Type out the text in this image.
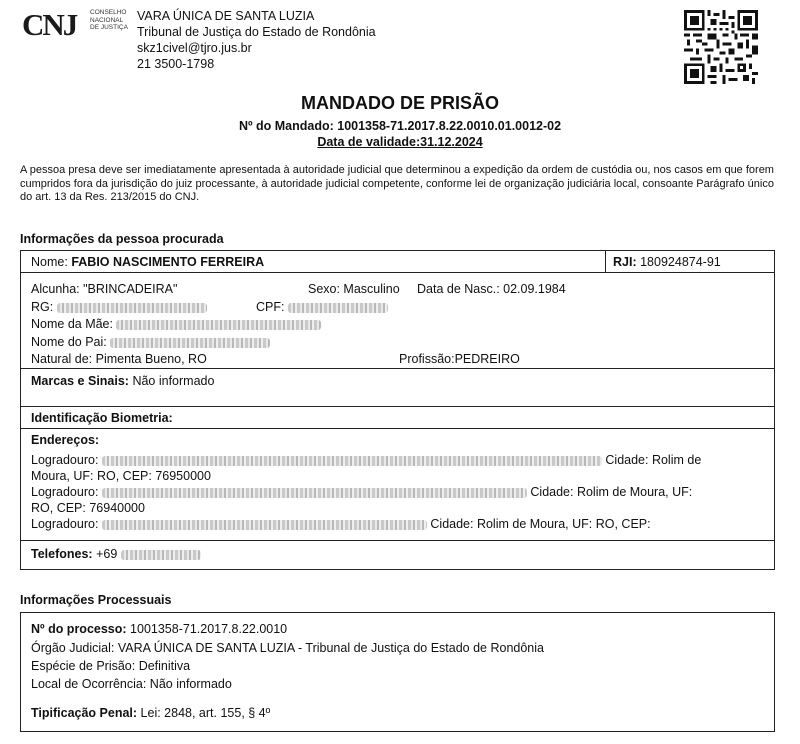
CNJ CONSELHO
NACIONAL
DE JUSTIÇA
VARA ÚNICA DE SANTA LUZIA
Tribunal de Justiça do Estado de Rondônia
skz1civel@tjro.jus.br
21 3500-1798
MANDADO DE PRISÃO
Nº do Mandado: 1001358-71.2017.8.22.0010.01.0012-02
Data de validade:31.12.2024
A pessoa presa deve ser imediatamente apresentada à autoridade judicial que determinou a expedição da ordem de custódia ou, nos casos em que forem cumpridos fora da jurisdição do juiz processante, à autoridade judicial competente, conforme lei de organização judiciária local, consoante Parágrafo único do art. 13 da Res. 213/2015 do CNJ.
Informações da pessoa procurada
Nome: FABIO NASCIMENTO FERREIRA	RJI: 180924874-91
Alcunha: "BRINCADEIRA"	Sexo: Masculino Data de Nasc.: 02.09.1984
RG:	CPF:
Nome da Mãe:
Nome do Pai:
Natural de: Pimenta Bueno, RO	Profissão:PEDREIRO
Marcas e Sinais: Não informado
Identificação Biometria:
Endereços:
Logradouro:	Cidade: Rolim de
Moura, UF: RO, CEP: 76950000
Logradouro:	Cidade: Rolim de Moura, UF:
RO, CEP: 76940000
Logradouro:	Cidade: Rolim de Moura, UF: RO, CEP:
Telefones: +69
Informações Processuais
Nº do processo: 1001358-71.2017.8.22.0010
Órgão Judicial: VARA ÚNICA DE SANTA LUZIA - Tribunal de Justiça do Estado de Rondônia
Espécie de Prisão: Definitiva
Local de Ocorrência: Não informado
Tipificação Penal: Lei: 2848, art. 155, § 4º
